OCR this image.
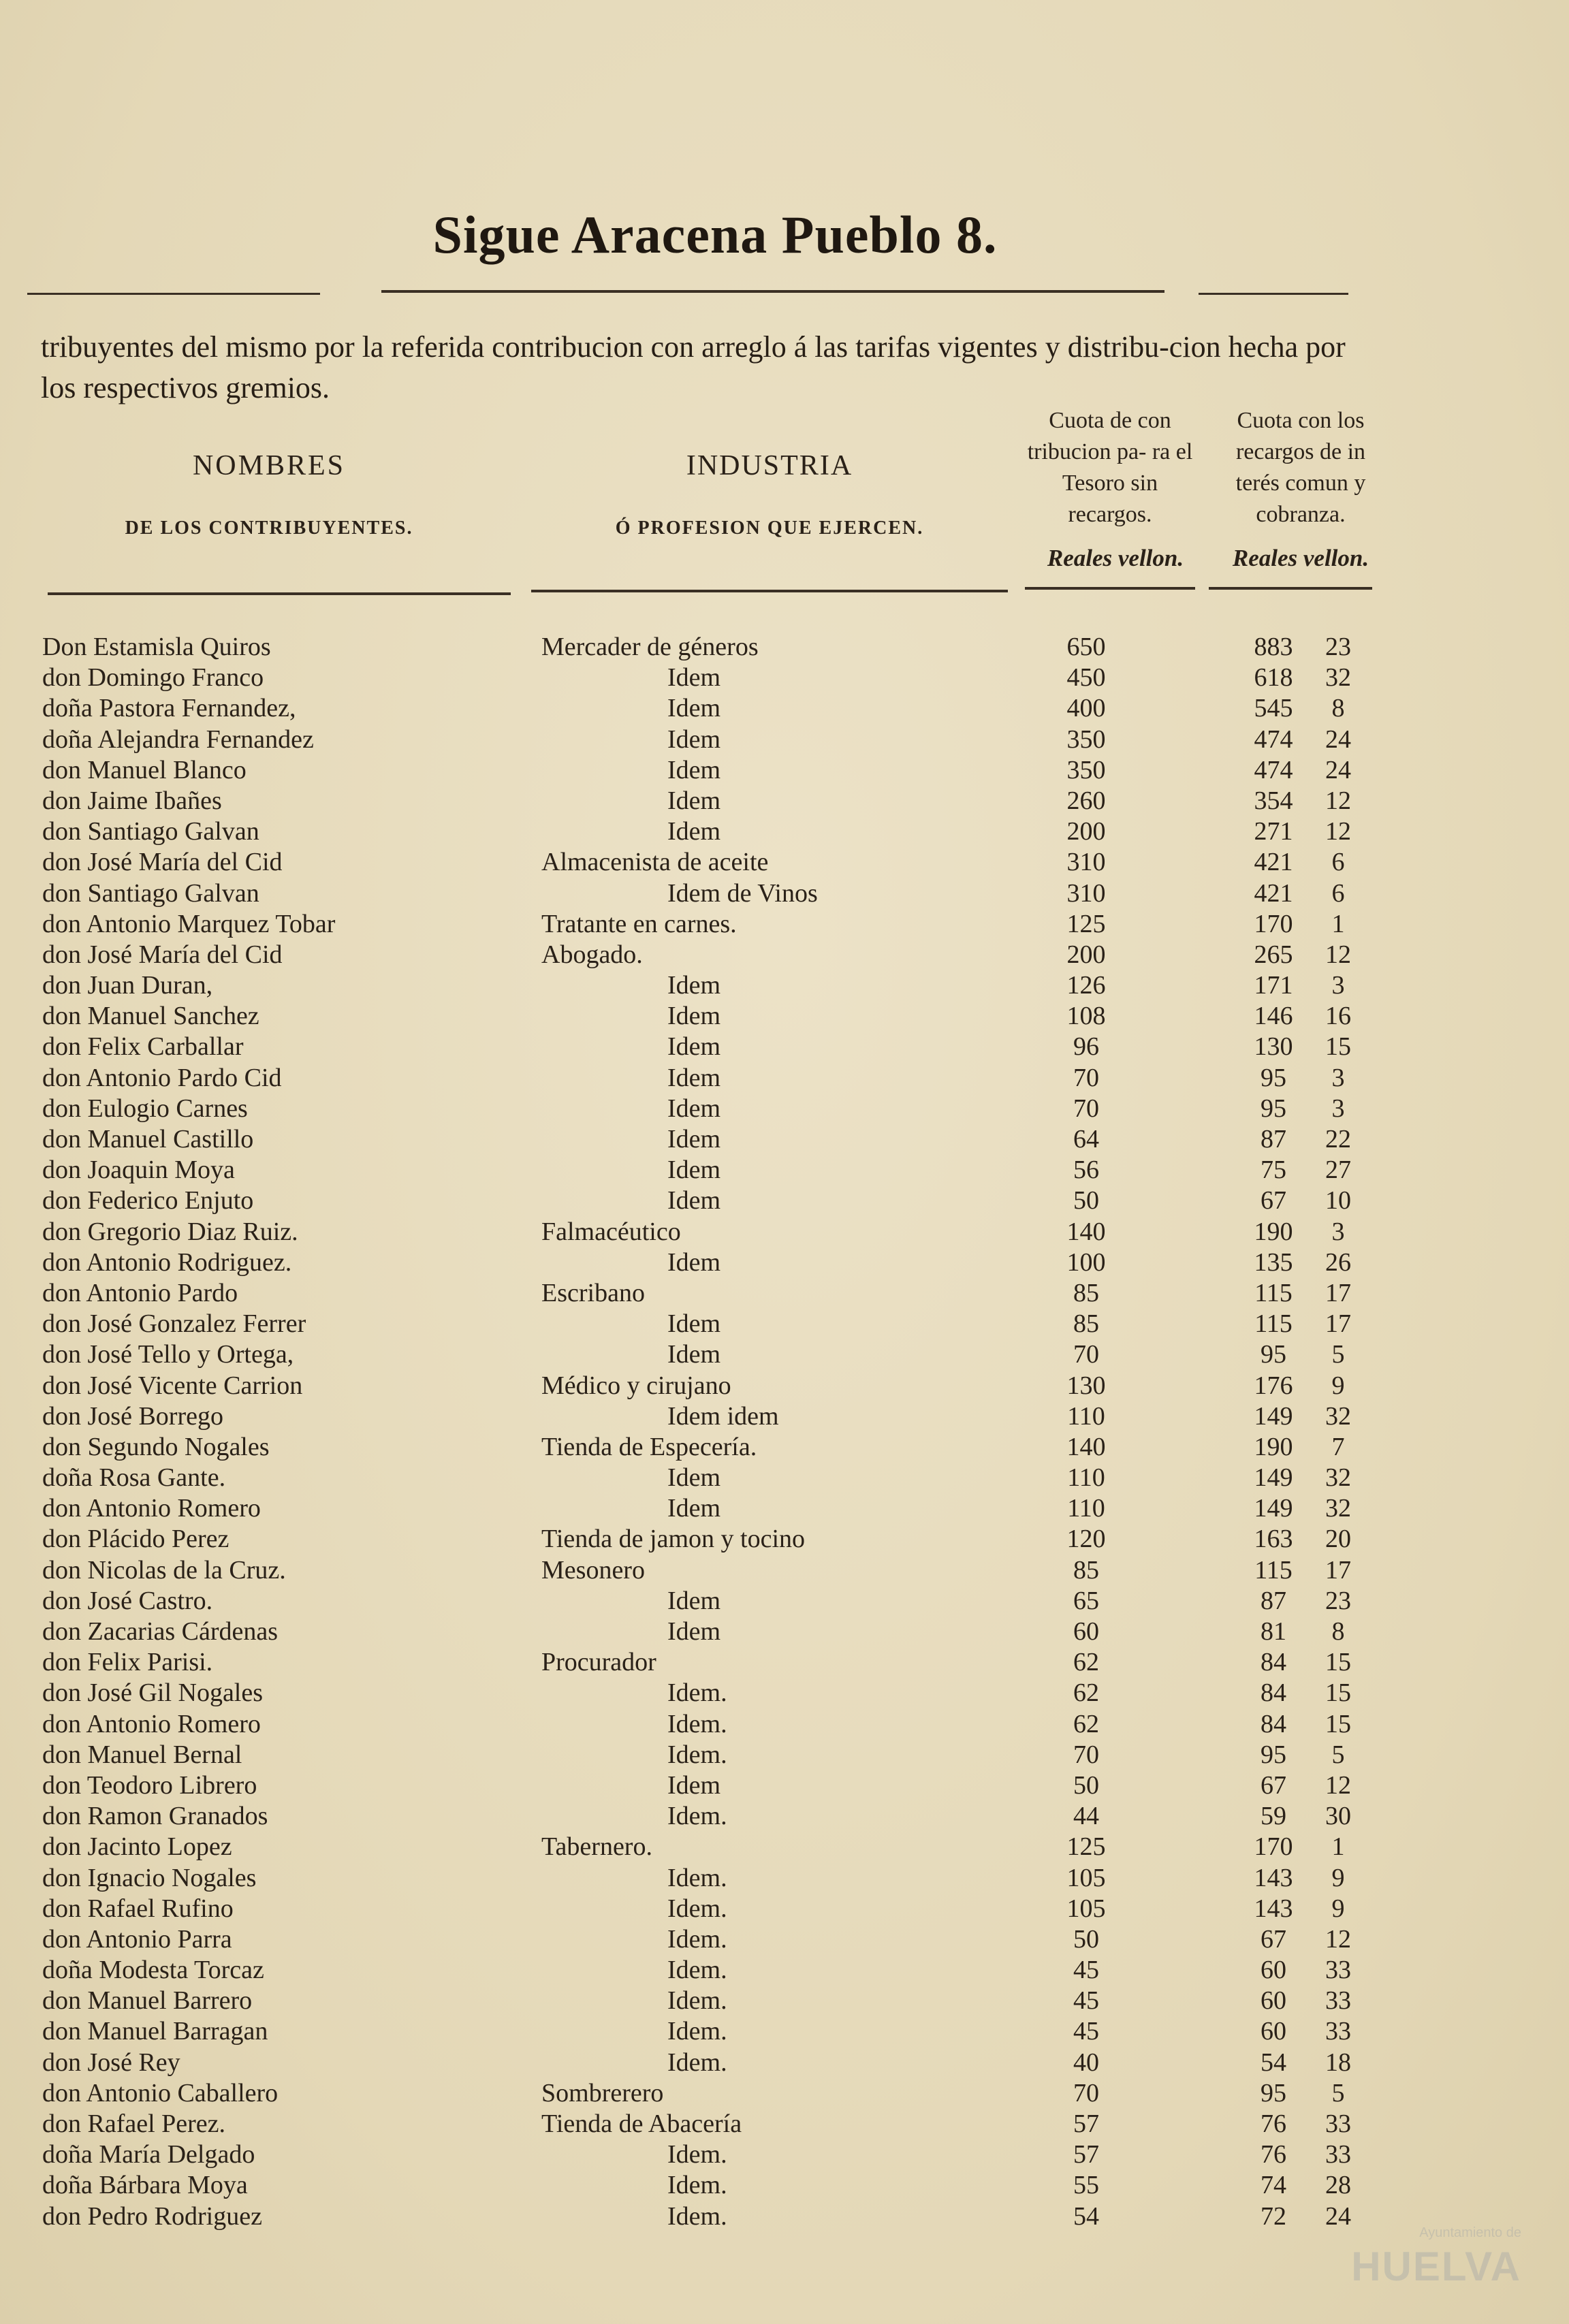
Sigue Aracena Pueblo 8.
tribuyentes del mismo por la referida contribucion con arreglo á las tarifas vigentes y distribu-cion hecha por los respectivos gremios.
NOMBRES
DE LOS CONTRIBUYENTES.
INDUSTRIA
Ó PROFESION QUE EJERCEN.
Cuota de con tribucion pa- ra el Tesoro sin recargos.
Cuota con los recargos de in terés comun y cobranza.
Reales vellon.	Reales vellon.
Don Estamisla Quiros	Mercader de géneros	650	883	23
don Domingo Franco	Idem	450	618	32
doña Pastora Fernandez,	Idem	400	545	8
doña Alejandra Fernandez	Idem	350	474	24
don Manuel Blanco	Idem	350	474	24
don Jaime Ibañes	Idem	260	354	12
don Santiago Galvan	Idem	200	271	12
don José María del Cid	Almacenista de aceite	310	421	6
don Santiago Galvan	Idem de Vinos	310	421	6
don Antonio Marquez Tobar	Tratante en carnes.	125	170	1
don José María del Cid	Abogado.	200	265	12
don Juan Duran,	Idem	126	171	3
don Manuel Sanchez	Idem	108	146	16
don Felix Carballar	Idem	96	130	15
don Antonio Pardo Cid	Idem	70	95	3
don Eulogio Carnes	Idem	70	95	3
don Manuel Castillo	Idem	64	87	22
don Joaquin Moya	Idem	56	75	27
don Federico Enjuto	Idem	50	67	10
don Gregorio Diaz Ruiz.	Falmacéutico	140	190	3
don Antonio Rodriguez.	Idem	100	135	26
don Antonio Pardo	Escribano	85	115	17
don José Gonzalez Ferrer	Idem	85	115	17
don José Tello y Ortega,	Idem	70	95	5
don José Vicente Carrion	Médico y cirujano	130	176	9
don José Borrego	Idem idem	110	149	32
don Segundo Nogales	Tienda de Especería.	140	190	7
doña Rosa Gante.	Idem	110	149	32
don Antonio Romero	Idem	110	149	32
don Plácido Perez	Tienda de jamon y tocino	120	163	20
don Nicolas de la Cruz.	Mesonero	85	115	17
don José Castro.	Idem	65	87	23
don Zacarias Cárdenas	Idem	60	81	8
don Felix Parisi.	Procurador	62	84	15
don José Gil Nogales	Idem.	62	84	15
don Antonio Romero	Idem.	62	84	15
don Manuel Bernal	Idem.	70	95	5
don Teodoro Librero	Idem	50	67	12
don Ramon Granados	Idem.	44	59	30
don Jacinto Lopez	Tabernero.	125	170	1
don Ignacio Nogales	Idem.	105	143	9
don Rafael Rufino	Idem.	105	143	9
don Antonio Parra	Idem.	50	67	12
doña Modesta Torcaz	Idem.	45	60	33
don Manuel Barrero	Idem.	45	60	33
don Manuel Barragan	Idem.	45	60	33
don José Rey	Idem.	40	54	18
don Antonio Caballero	Sombrerero	70	95	5
don Rafael Perez.	Tienda de Abacería	57	76	33
doña María Delgado	Idem.	57	76	33
doña Bárbara Moya	Idem.	55	74	28
don Pedro Rodriguez	Idem.	54	72	24
Ayuntamiento de
HUELVA
